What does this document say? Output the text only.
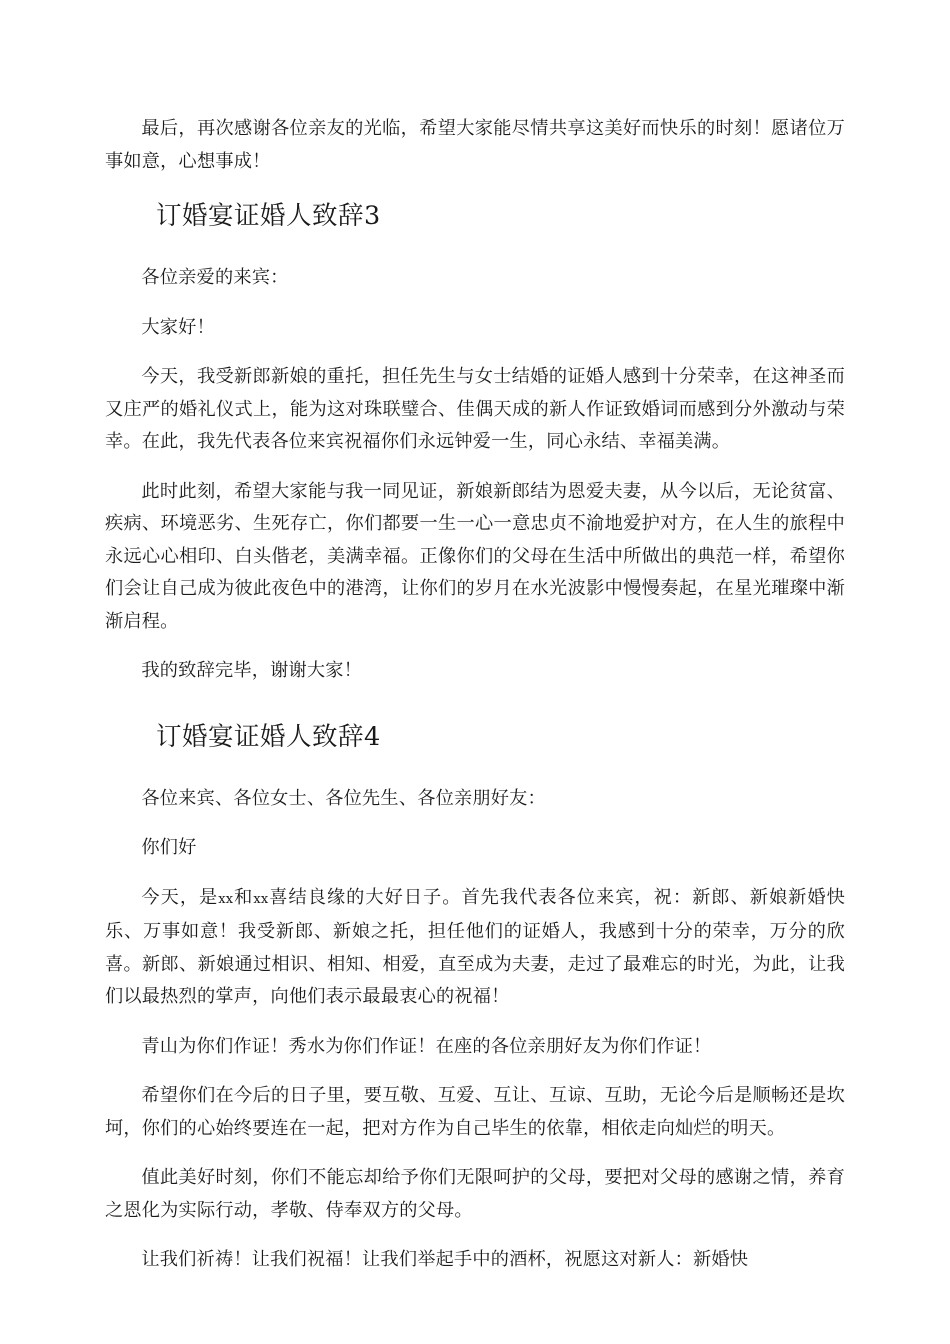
最后，再次感谢各位亲友的光临，希望大家能尽情共享这美好而快乐的时刻！愿诸位万事如意，心想事成！

订婚宴证婚人致辞3

各位亲爱的来宾：

大家好！

今天，我受新郎新娘的重托，担任先生与女士结婚的证婚人感到十分荣幸，在这神圣而又庄严的婚礼仪式上，能为这对珠联璧合、佳偶天成的新人作证致婚词而感到分外激动与荣幸。在此，我先代表各位来宾祝福你们永远钟爱一生，同心永结、幸福美满。

此时此刻，希望大家能与我一同见证，新娘新郎结为恩爱夫妻，从今以后，无论贫富、疾病、环境恶劣、生死存亡，你们都要一生一心一意忠贞不渝地爱护对方，在人生的旅程中永远心心相印、白头偕老，美满幸福。正像你们的父母在生活中所做出的典范一样，希望你们会让自己成为彼此夜色中的港湾，让你们的岁月在水光波影中慢慢奏起，在星光璀璨中渐渐启程。

我的致辞完毕，谢谢大家！

订婚宴证婚人致辞4

各位来宾、各位女士、各位先生、各位亲朋好友：

你们好

今天，是xx和xx喜结良缘的大好日子。首先我代表各位来宾，祝：新郎、新娘新婚快乐、万事如意！我受新郎、新娘之托，担任他们的证婚人，我感到十分的荣幸，万分的欣喜。新郎、新娘通过相识、相知、相爱，直至成为夫妻，走过了最难忘的时光，为此，让我们以最热烈的掌声，向他们表示最最衷心的祝福！

青山为你们作证！秀水为你们作证！在座的各位亲朋好友为你们作证！

希望你们在今后的日子里，要互敬、互爱、互让、互谅、互助，无论今后是顺畅还是坎坷，你们的心始终要连在一起，把对方作为自己毕生的依靠，相依走向灿烂的明天。

值此美好时刻，你们不能忘却给予你们无限呵护的父母，要把对父母的感谢之情，养育之恩化为实际行动，孝敬、侍奉双方的父母。

让我们祈祷！让我们祝福！让我们举起手中的酒杯，祝愿这对新人：新婚快
